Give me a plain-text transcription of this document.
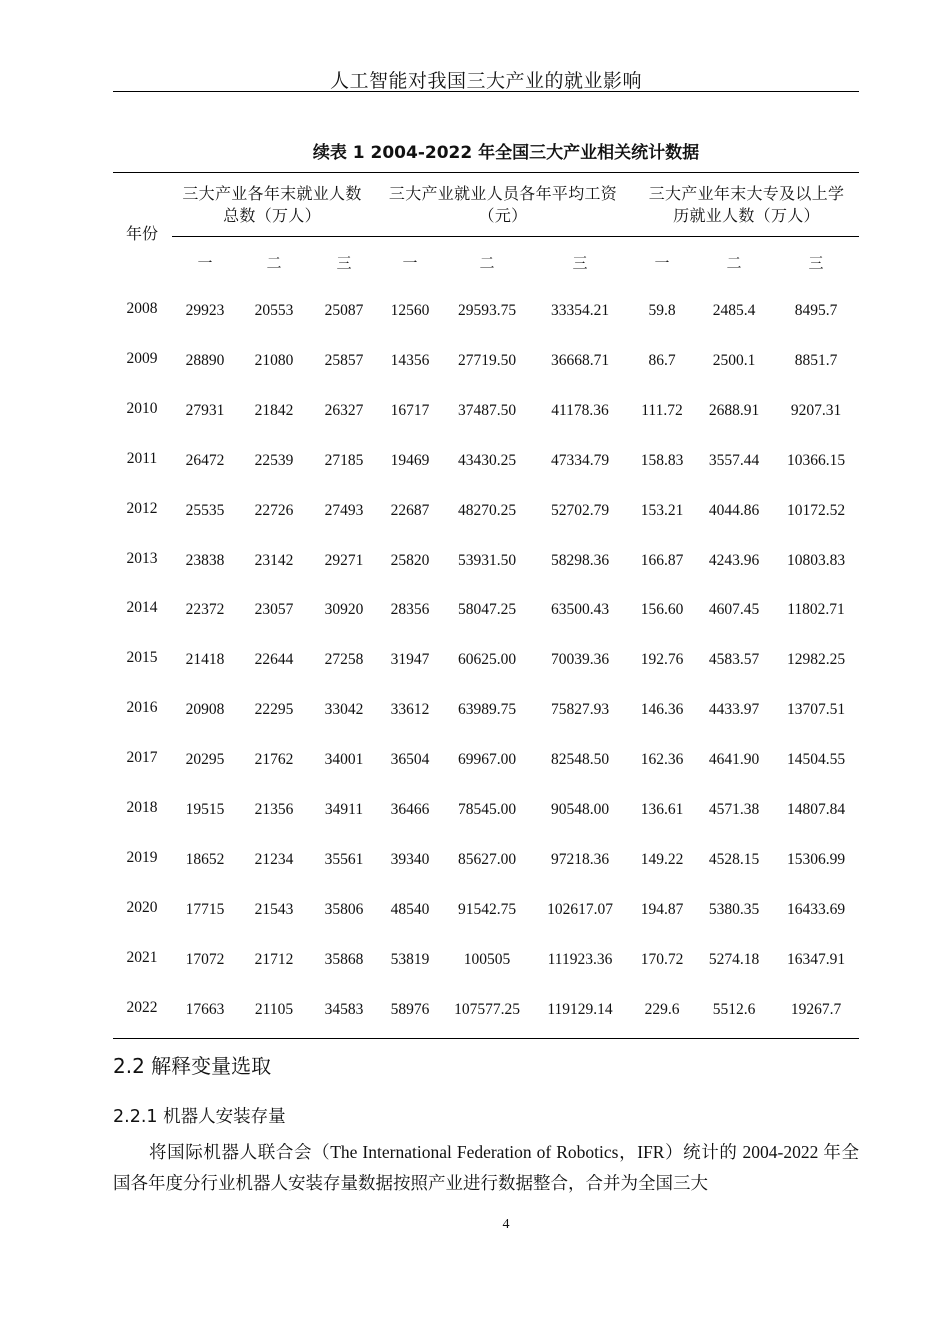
人工智能对我国三大产业的就业影响
续表 1 2004-2022 年全国三大产业相关统计数据
年份
三大产业各年末就业人数
总数（万人）
三大产业就业人员各年平均工资
（元）
三大产业年末大专及以上学
历就业人数（万人）
一	二	三	一	二	三	一	二	三
2008	29923	20553	25087	12560	29593.75	33354.21	59.8	2485.4	8495.7
2009	28890	21080	25857	14356	27719.50	36668.71	86.7	2500.1	8851.7
2010	27931	21842	26327	16717	37487.50	41178.36	111.72	2688.91	9207.31
2011	26472	22539	27185	19469	43430.25	47334.79	158.83	3557.44	10366.15
2012	25535	22726	27493	22687	48270.25	52702.79	153.21	4044.86	10172.52
2013	23838	23142	29271	25820	53931.50	58298.36	166.87	4243.96	10803.83
2014	22372	23057	30920	28356	58047.25	63500.43	156.60	4607.45	11802.71
2015	21418	22644	27258	31947	60625.00	70039.36	192.76	4583.57	12982.25
2016	20908	22295	33042	33612	63989.75	75827.93	146.36	4433.97	13707.51
2017	20295	21762	34001	36504	69967.00	82548.50	162.36	4641.90	14504.55
2018	19515	21356	34911	36466	78545.00	90548.00	136.61	4571.38	14807.84
2019	18652	21234	35561	39340	85627.00	97218.36	149.22	4528.15	15306.99
2020	17715	21543	35806	48540	91542.75	102617.07	194.87	5380.35	16433.69
2021	17072	21712	35868	53819	100505	111923.36	170.72	5274.18	16347.91
2022	17663	21105	34583	58976	107577.25	119129.14	229.6	5512.6	19267.7
2.2 解释变量选取
2.2.1 机器人安装存量
将国际机器人联合会（The International Federation of Robotics，IFR）统计的 2004-2022 年全国各年度分行业机器人安装存量数据按照产业进行数据整合，合并为全国三大
4
